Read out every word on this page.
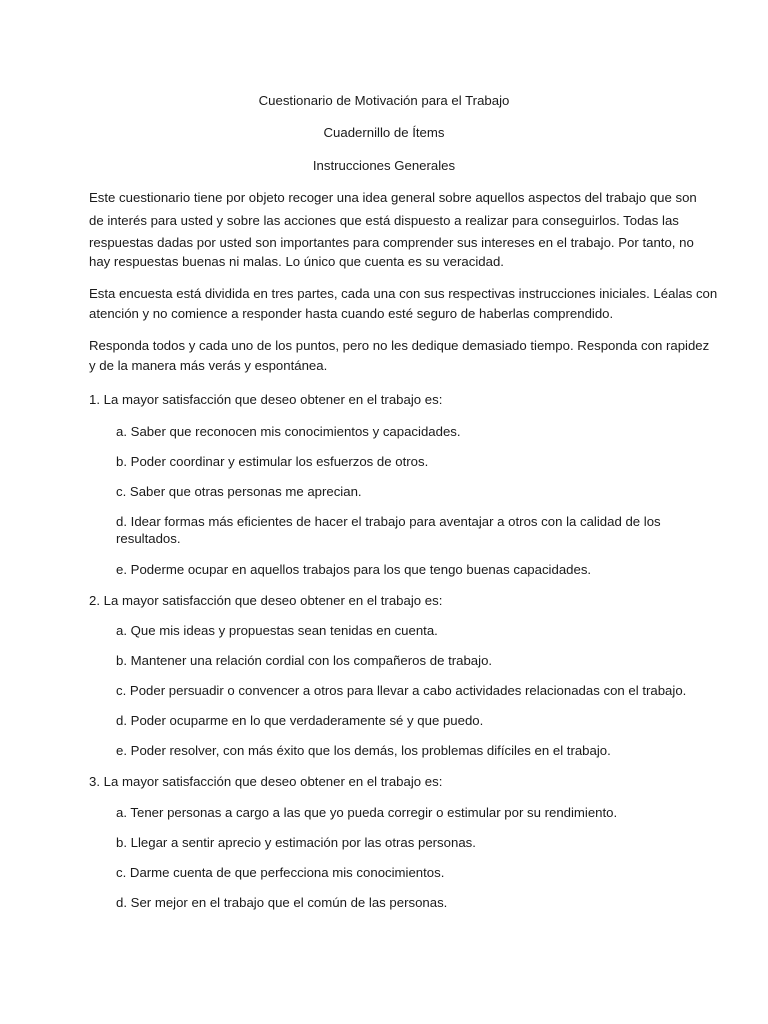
Cuestionario de Motivación para el Trabajo
Cuadernillo de Ítems
Instrucciones Generales
Este cuestionario tiene por objeto recoger una idea general sobre aquellos aspectos del trabajo que son
de interés para usted y sobre las acciones que está dispuesto a realizar para conseguirlos. Todas las
respuestas dadas por usted son importantes para comprender sus intereses en el trabajo. Por tanto, no
hay respuestas buenas ni malas. Lo único que cuenta es su veracidad.
Esta encuesta está dividida en tres partes, cada una con sus respectivas instrucciones iniciales. Léalas con
atención y no comience a responder hasta cuando esté seguro de haberlas comprendido.
Responda todos y cada uno de los puntos, pero no les dedique demasiado tiempo. Responda con rapidez
y de la manera más verás y espontánea.
1. La mayor satisfacción que deseo obtener en el trabajo es:
a. Saber que reconocen mis conocimientos y capacidades.
b. Poder coordinar y estimular los esfuerzos de otros.
c. Saber que otras personas me aprecian.
d. Idear formas más eficientes de hacer el trabajo para aventajar a otros con la calidad de los
resultados.
e. Poderme ocupar en aquellos trabajos para los que tengo buenas capacidades.
2. La mayor satisfacción que deseo obtener en el trabajo es:
a. Que mis ideas y propuestas sean tenidas en cuenta.
b. Mantener una relación cordial con los compañeros de trabajo.
c. Poder persuadir o convencer a otros para llevar a cabo actividades relacionadas con el trabajo.
d. Poder ocuparme en lo que verdaderamente sé y que puedo.
e. Poder resolver, con más éxito que los demás, los problemas difíciles en el trabajo.
3. La mayor satisfacción que deseo obtener en el trabajo es:
a. Tener personas a cargo a las que yo pueda corregir o estimular por su rendimiento.
b. Llegar a sentir aprecio y estimación por las otras personas.
c. Darme cuenta de que perfecciona mis conocimientos.
d. Ser mejor en el trabajo que el común de las personas.
